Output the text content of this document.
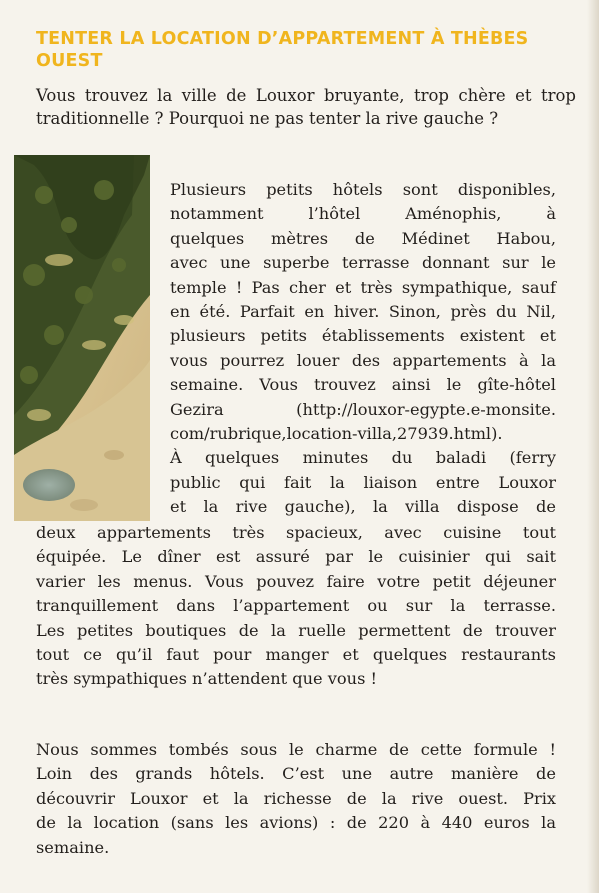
TENTER LA LOCATION D’APPARTEMENT À THÈBES
OUEST

Vous trouvez la ville de Louxor bruyante, trop chère et trop
traditionnelle ? Pourquoi ne pas tenter la rive gauche ?

Plusieurs petits hôtels sont disponibles,
notamment l’hôtel Aménophis, à
quelques mètres de Médinet Habou,
avec une superbe terrasse donnant sur le
temple ! Pas cher et très sympathique, sauf
en été. Parfait en hiver. Sinon, près du Nil,
plusieurs petits établissements existent et
vous pourrez louer des appartements à la
semaine. Vous trouvez ainsi le gîte-hôtel
Gezira (http://louxor-egypte.e-monsite.
com/rubrique,location-villa,27939.html).
À quelques minutes du baladi (ferry
public qui fait la liaison entre Louxor
et la rive gauche), la villa dispose de

deux appartements très spacieux, avec cuisine tout
équipée. Le dîner est assuré par le cuisinier qui sait
varier les menus. Vous pouvez faire votre petit déjeuner
tranquillement dans l’appartement ou sur la terrasse.
Les petites boutiques de la ruelle permettent de trouver
tout ce qu’il faut pour manger et quelques restaurants
très sympathiques n’attendent que vous !

Nous sommes tombés sous le charme de cette formule !
Loin des grands hôtels. C’est une autre manière de
découvrir Louxor et la richesse de la rive ouest. Prix
de la location (sans les avions) : de 220 à 440 euros la
semaine.
